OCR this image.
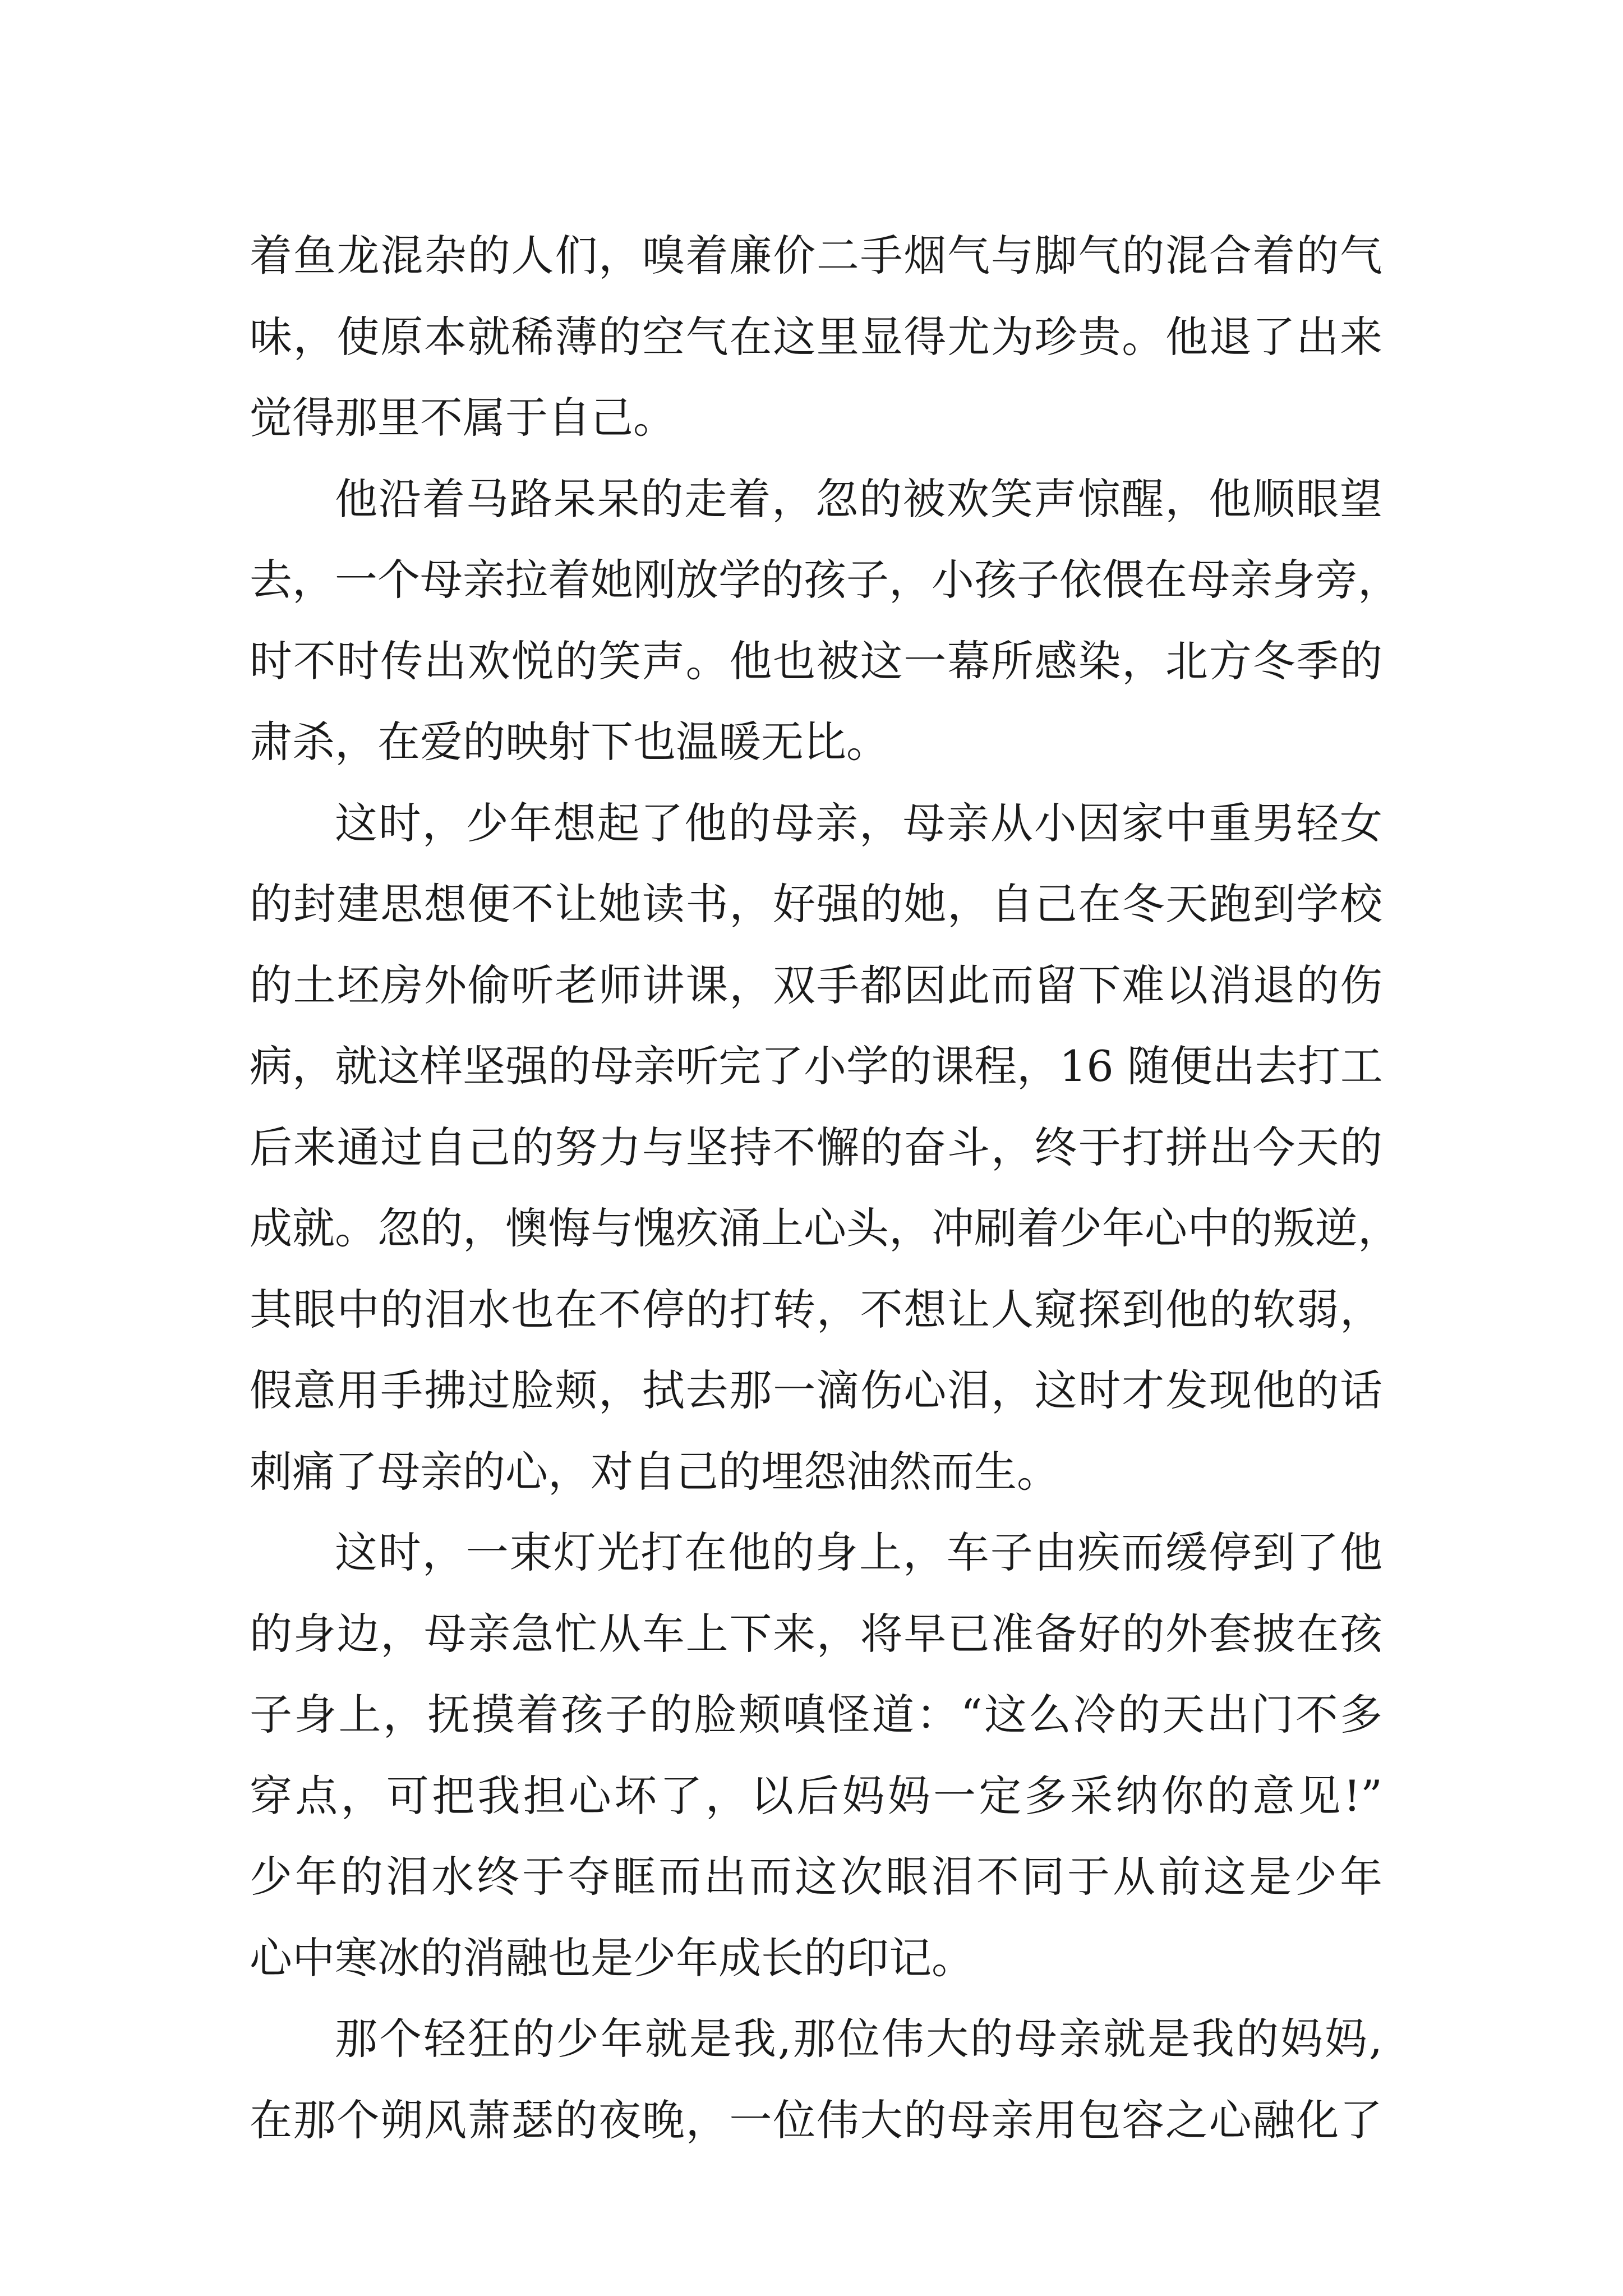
着鱼龙混杂的人们，嗅着廉价二手烟气与脚气的混合着的气
味，使原本就稀薄的空气在这里显得尤为珍贵。他退了出来
觉得那里不属于自己。
他沿着马路呆呆的走着，忽的被欢笑声惊醒，他顺眼望
去，一个母亲拉着她刚放学的孩子，小孩子依偎在母亲身旁，
时不时传出欢悦的笑声。他也被这一幕所感染，北方冬季的
肃杀，在爱的映射下也温暖无比。
这时，少年想起了他的母亲，母亲从小因家中重男轻女
的封建思想便不让她读书，好强的她，自己在冬天跑到学校
的土坯房外偷听老师讲课，双手都因此而留下难以消退的伤
病，就这样坚强的母亲听完了小学的课程，16 随便出去打工
后来通过自己的努力与坚持不懈的奋斗，终于打拼出今天的
成就。忽的，懊悔与愧疚涌上心头，冲刷着少年心中的叛逆，
其眼中的泪水也在不停的打转，不想让人窥探到他的软弱，
假意用手拂过脸颊，拭去那一滴伤心泪，这时才发现他的话
刺痛了母亲的心，对自己的埋怨油然而生。
这时，一束灯光打在他的身上，车子由疾而缓停到了他
的身边，母亲急忙从车上下来，将早已准备好的外套披在孩
子身上，抚摸着孩子的脸颊嗔怪道：“这么冷的天出门不多
穿点，可把我担心坏了，以后妈妈一定多采纳你的意见!”
少年的泪水终于夺眶而出而这次眼泪不同于从前这是少年
心中寒冰的消融也是少年成长的印记。
那个轻狂的少年就是我,那位伟大的母亲就是我的妈妈,
在那个朔风萧瑟的夜晚，一位伟大的母亲用包容之心融化了
